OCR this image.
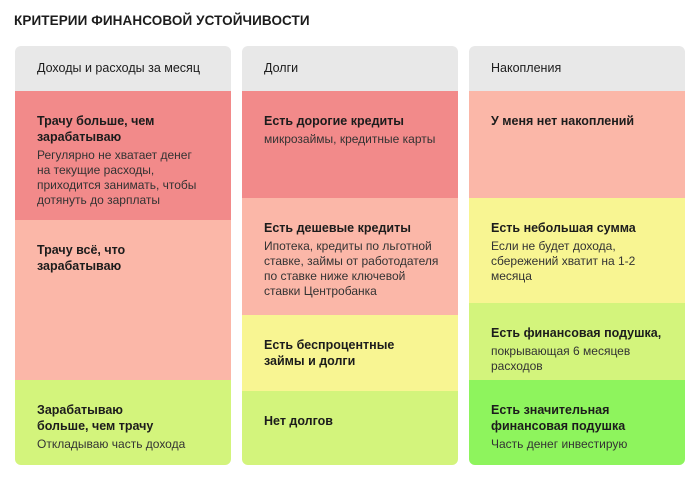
КРИТЕРИИ ФИНАНСОВОЙ УСТОЙЧИВОСТИ
Доходы и расходы за месяц
Трачу больше, чем зарабатываю
Регулярно не хватает денег на текущие расходы, приходится занимать, чтобы дотянуть до зарплаты
Трачу всё, что зарабатываю
Зарабатываю больше, чем трачу
Откладываю часть дохода
Долги
Есть дорогие кредиты
микрозаймы, кредитные карты
Есть дешевые кредиты
Ипотека, кредиты по льготной ставке, займы от работодателя по ставке ниже ключевой ставки Центробанка
Есть беспроцентные займы и долги
Нет долгов
Накопления
У меня нет накоплений
Есть небольшая сумма
Если не будет дохода, сбережений хватит на 1-2 месяца
Есть финансовая подушка,
покрывающая 6 месяцев расходов
Есть значительная финансовая подушка
Часть денег инвестирую
